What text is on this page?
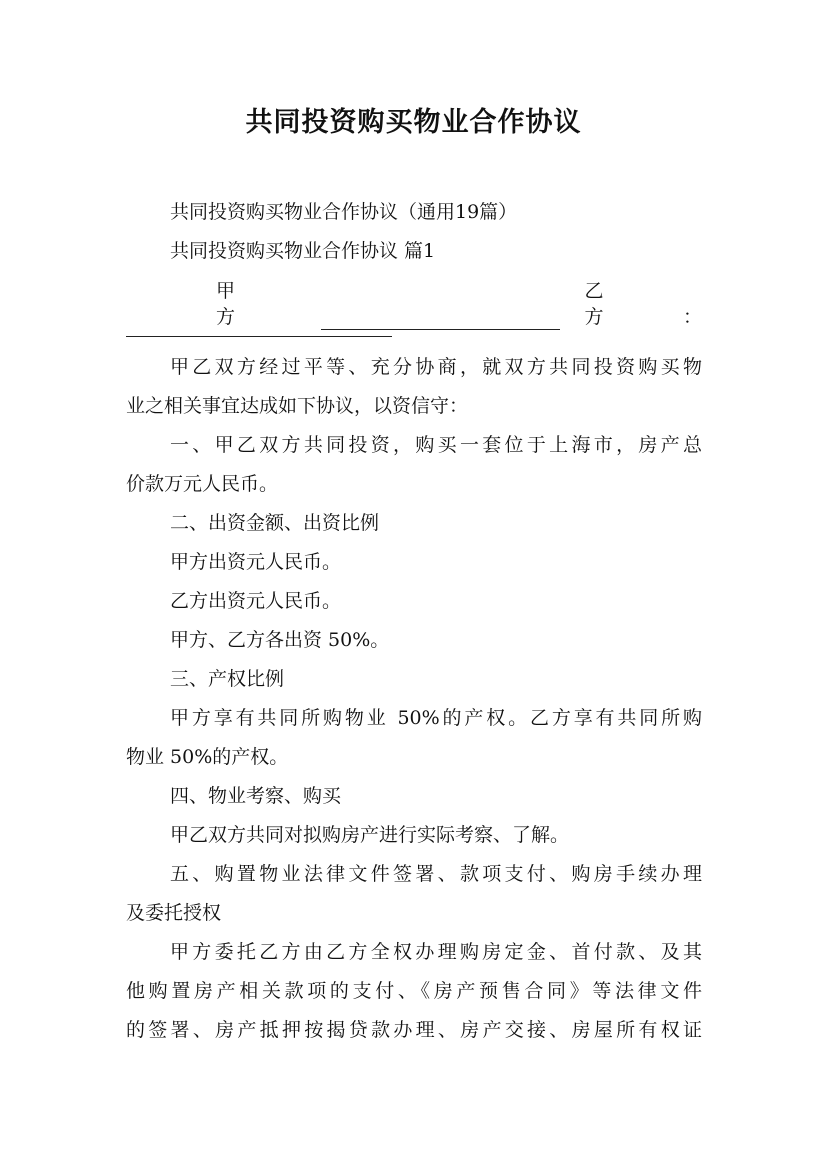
共同投资购买物业合作协议
共同投资购买物业合作协议（通用19篇）
共同投资购买物业合作协议 篇1
甲 方
乙 方	：
甲乙双方经过平等、充分协商，就双方共同投资购买物
业之相关事宜达成如下协议，以资信守：
一、甲乙双方共同投资，购买一套位于上海市，房产总
价款万元人民币。
二、出资金额、出资比例
甲方出资元人民币。
乙方出资元人民币。
甲方、乙方各出资 50%。
三、产权比例
甲方享有共同所购物业 50%的产权。乙方享有共同所购
物业 50%的产权。
四、物业考察、购买
甲乙双方共同对拟购房产进行实际考察、了解。
五、购置物业法律文件签署、款项支付、购房手续办理
及委托授权
甲方委托乙方由乙方全权办理购房定金、首付款、及其
他购置房产相关款项的支付、《房产预售合同》等法律文件
的签署、房产抵押按揭贷款办理、房产交接、房屋所有权证
